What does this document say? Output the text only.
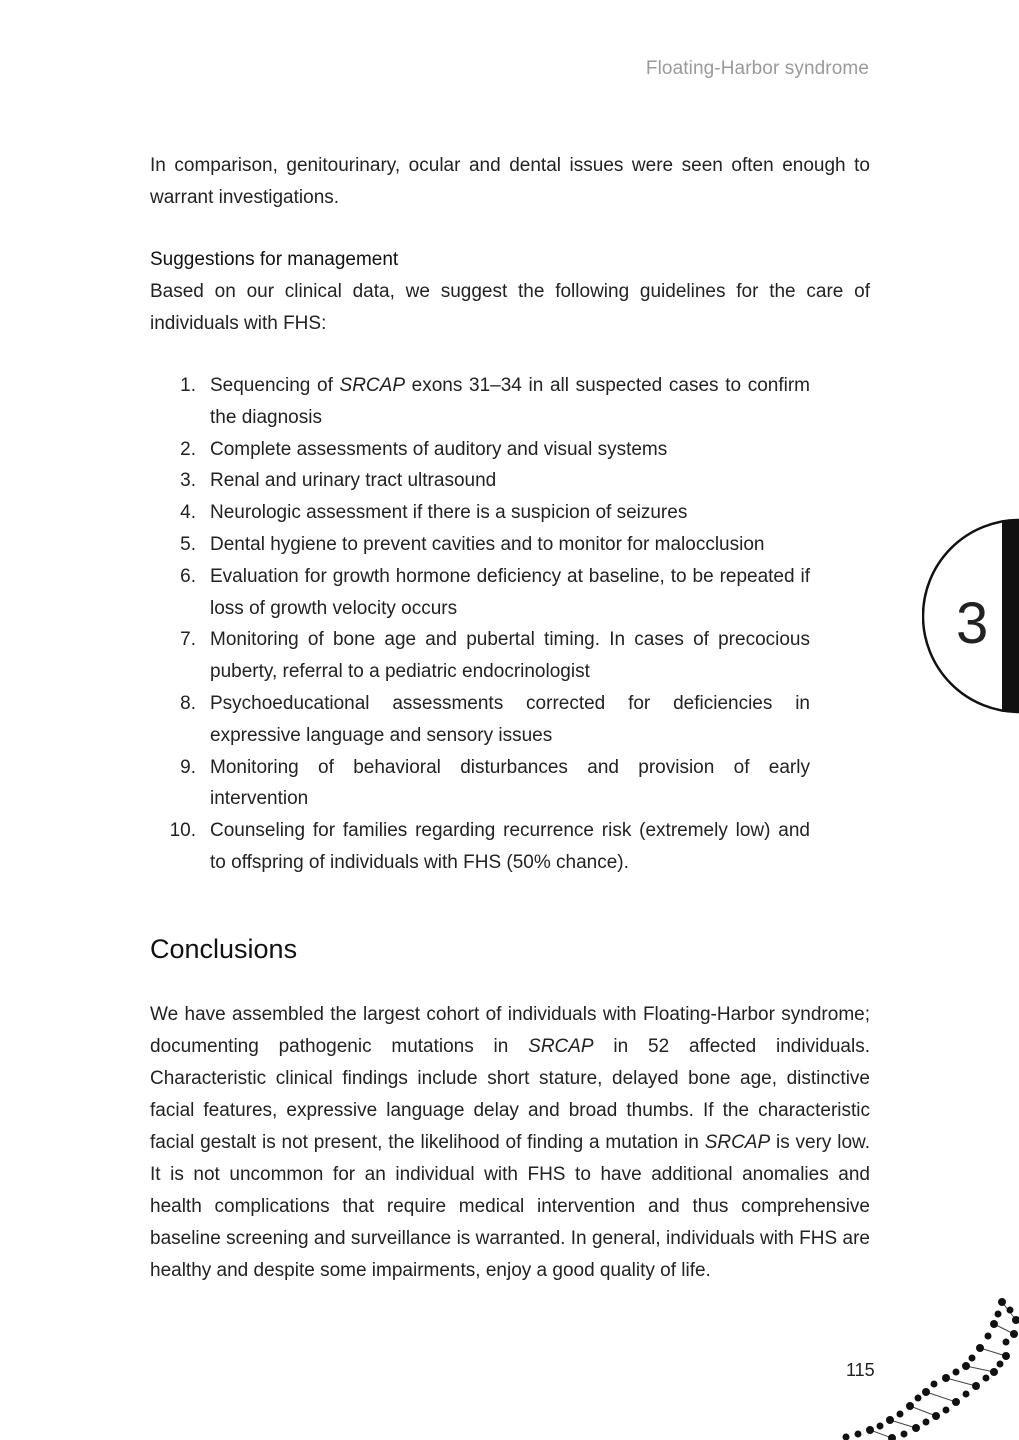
Floating-Harbor syndrome

In comparison, genitourinary, ocular and dental issues were seen often enough to warrant investigations.

Suggestions for management

Based on our clinical data, we suggest the following guidelines for the care of individuals with FHS:

1. Sequencing of SRCAP exons 31–34 in all suspected cases to confirm the diagnosis
2. Complete assessments of auditory and visual systems
3. Renal and urinary tract ultrasound
4. Neurologic assessment if there is a suspicion of seizures
5. Dental hygiene to prevent cavities and to monitor for malocclusion
6. Evaluation for growth hormone deficiency at baseline, to be repeated if loss of growth velocity occurs
7. Monitoring of bone age and pubertal timing. In cases of precocious puberty, referral to a pediatric endocrinologist
8. Psychoeducational assessments corrected for deficiencies in expressive language and sensory issues
9. Monitoring of behavioral disturbances and provision of early intervention
10. Counseling for families regarding recurrence risk (extremely low) and to offspring of individuals with FHS (50% chance).
Conclusions

We have assembled the largest cohort of individuals with Floating-Harbor syndrome; documenting pathogenic mutations in SRCAP in 52 affected individuals. Characteristic clinical findings include short stature, delayed bone age, distinctive facial features, expressive language delay and broad thumbs. If the characteristic facial gestalt is not present, the likelihood of finding a mutation in SRCAP is very low. It is not uncommon for an individual with FHS to have additional anomalies and health complications that require medical intervention and thus comprehensive baseline screening and surveillance is warranted. In general, individuals with FHS are healthy and despite some impairments, enjoy a good quality of life.

3
115
